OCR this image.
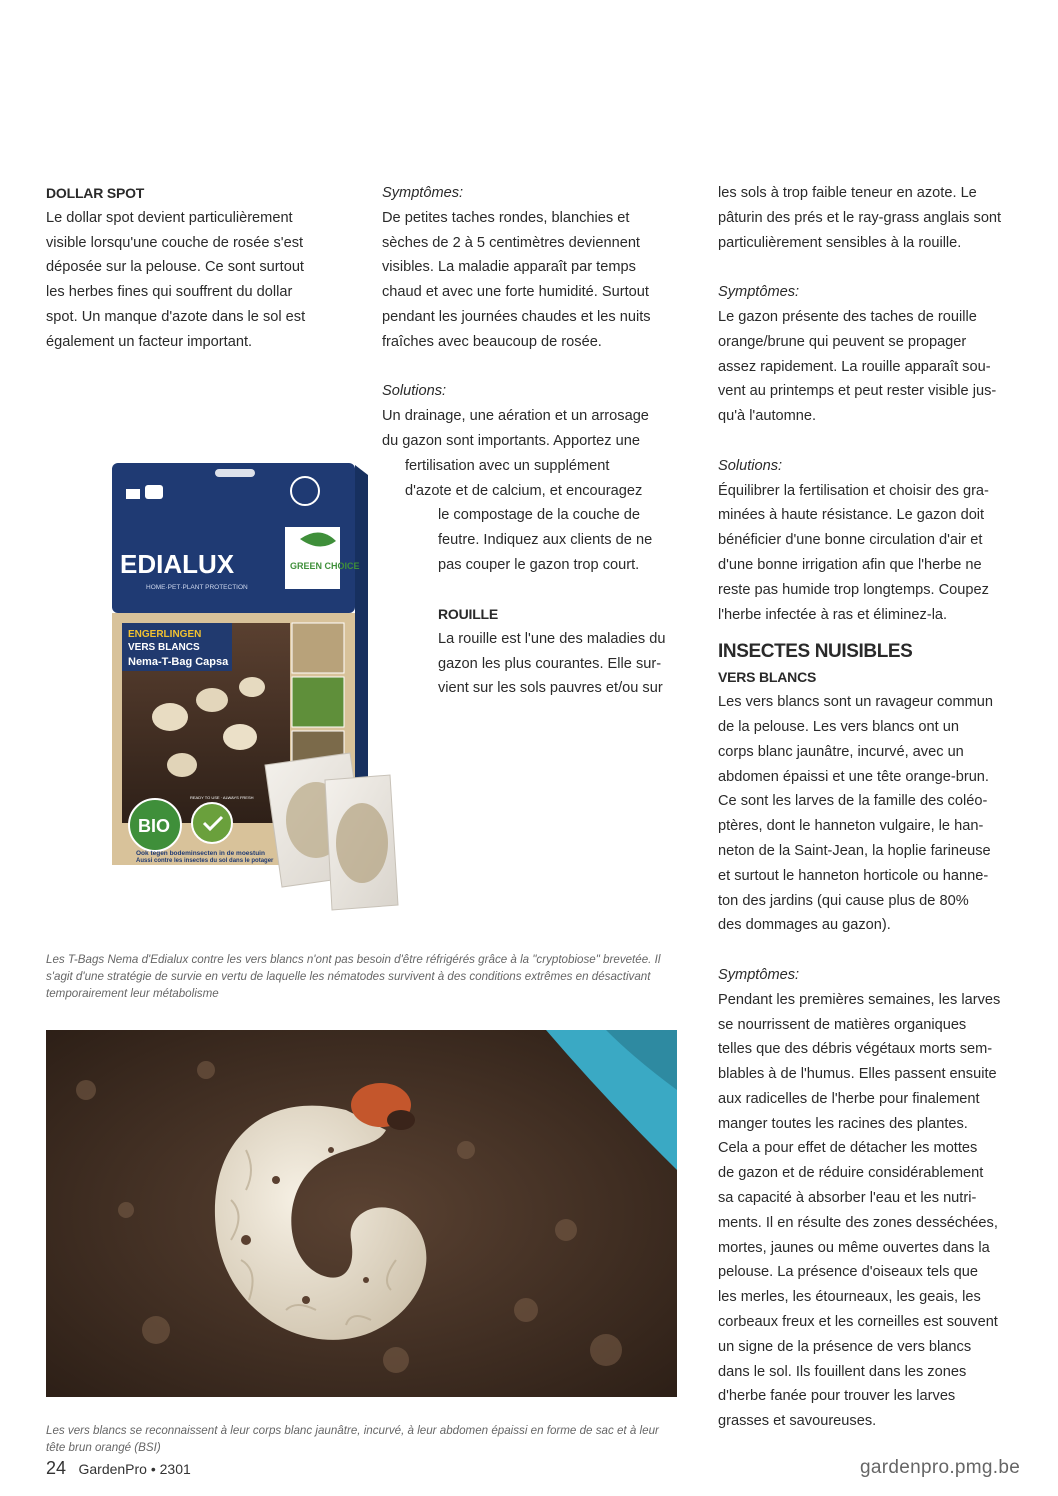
DOLLAR SPOT

Le dollar spot devient particulièrement

visible lorsqu'une couche de rosée s'est

déposée sur la pelouse. Ce sont surtout

les herbes fines qui souffrent du dollar

spot. Un manque d'azote dans le sol est

également un facteur important.

Symptômes:

De petites taches rondes, blanchies et

sèches de 2 à 5 centimètres deviennent

visibles. La maladie apparaît par temps

chaud et avec une forte humidité. Surtout

pendant les journées chaudes et les nuits

fraîches avec beaucoup de rosée.

Solutions:

Un drainage, une aération et un arrosage

du gazon sont importants. Apportez une

fertilisation avec un supplément

d'azote et de calcium, et encouragez

le compostage de la couche de

feutre. Indiquez aux clients de ne

pas couper le gazon trop court.

ROUILLE

La rouille est l'une des maladies du

gazon les plus courantes. Elle sur-

vient sur les sols pauvres et/ou sur

les sols à trop faible teneur en azote. Le

pâturin des prés et le ray-grass anglais sont

particulièrement sensibles à la rouille.

Symptômes:

Le gazon présente des taches de rouille

orange/brune qui peuvent se propager

assez rapidement. La rouille apparaît sou-

vent au printemps et peut rester visible jus-

qu'à l'automne.

Solutions:

Équilibrer la fertilisation et choisir des gra-

minées à haute résistance. Le gazon doit

bénéficier d'une bonne circulation d'air et

d'une bonne irrigation afin que l'herbe ne

reste pas humide trop longtemps. Coupez

l'herbe infectée à ras et éliminez-la.

INSECTES NUISIBLES

VERS BLANCS

Les vers blancs sont un ravageur commun

de la pelouse. Les vers blancs ont un

corps blanc jaunâtre, incurvé, avec un

abdomen épaissi et une tête orange-brun.

Ce sont les larves de la famille des coléo-

ptères, dont le hanneton vulgaire, le han-

neton de la Saint-Jean, la hoplie farineuse

et surtout le hanneton horticole ou hanne-

ton des jardins (qui cause plus de 80%

des dommages au gazon).

Symptômes:

Pendant les premières semaines, les larves

se nourrissent de matières organiques

telles que des débris végétaux morts sem-

blables à de l'humus. Elles passent ensuite

aux radicelles de l'herbe pour finalement

manger toutes les racines des plantes.

Cela a pour effet de détacher les mottes

de gazon et de réduire considérablement

sa capacité à absorber l'eau et les nutri-

ments. Il en résulte des zones desséchées,

mortes, jaunes ou même ouvertes dans la

pelouse. La présence d'oiseaux tels que

les merles, les étourneaux, les geais, les

corbeaux freux et les corneilles est souvent

un signe de la présence de vers blancs

dans le sol. Ils fouillent dans les zones

d'herbe fanée pour trouver les larves

grasses et savoureuses.

EDIALUX
HOME·PET·PLANT PROTECTION
GREEN CHOICE
ENGERLINGEN
VERS BLANCS
Nema-T-Bag Capsa
BIO
READY TO USE · ALWAYS FRESH
Ook tegen bodeminsecten in de moestuin
Aussi contre les insectes du sol dans le potager

Les T-Bags Nema d'Edialux contre les vers blancs n'ont pas besoin d'être réfrigérés grâce à la "cryptobiose" brevetée. Il s'agit d'une stratégie de survie en vertu de laquelle les nématodes survivent à des conditions extrêmes en désactivant temporairement leur métabolisme

Les vers blancs se reconnaissent à leur corps blanc jaunâtre, incurvé, à leur abdomen épaissi en forme de sac et à leur tête brun orangé (BSI)

24 GardenPro • 2301	gardenpro.pmg.be
